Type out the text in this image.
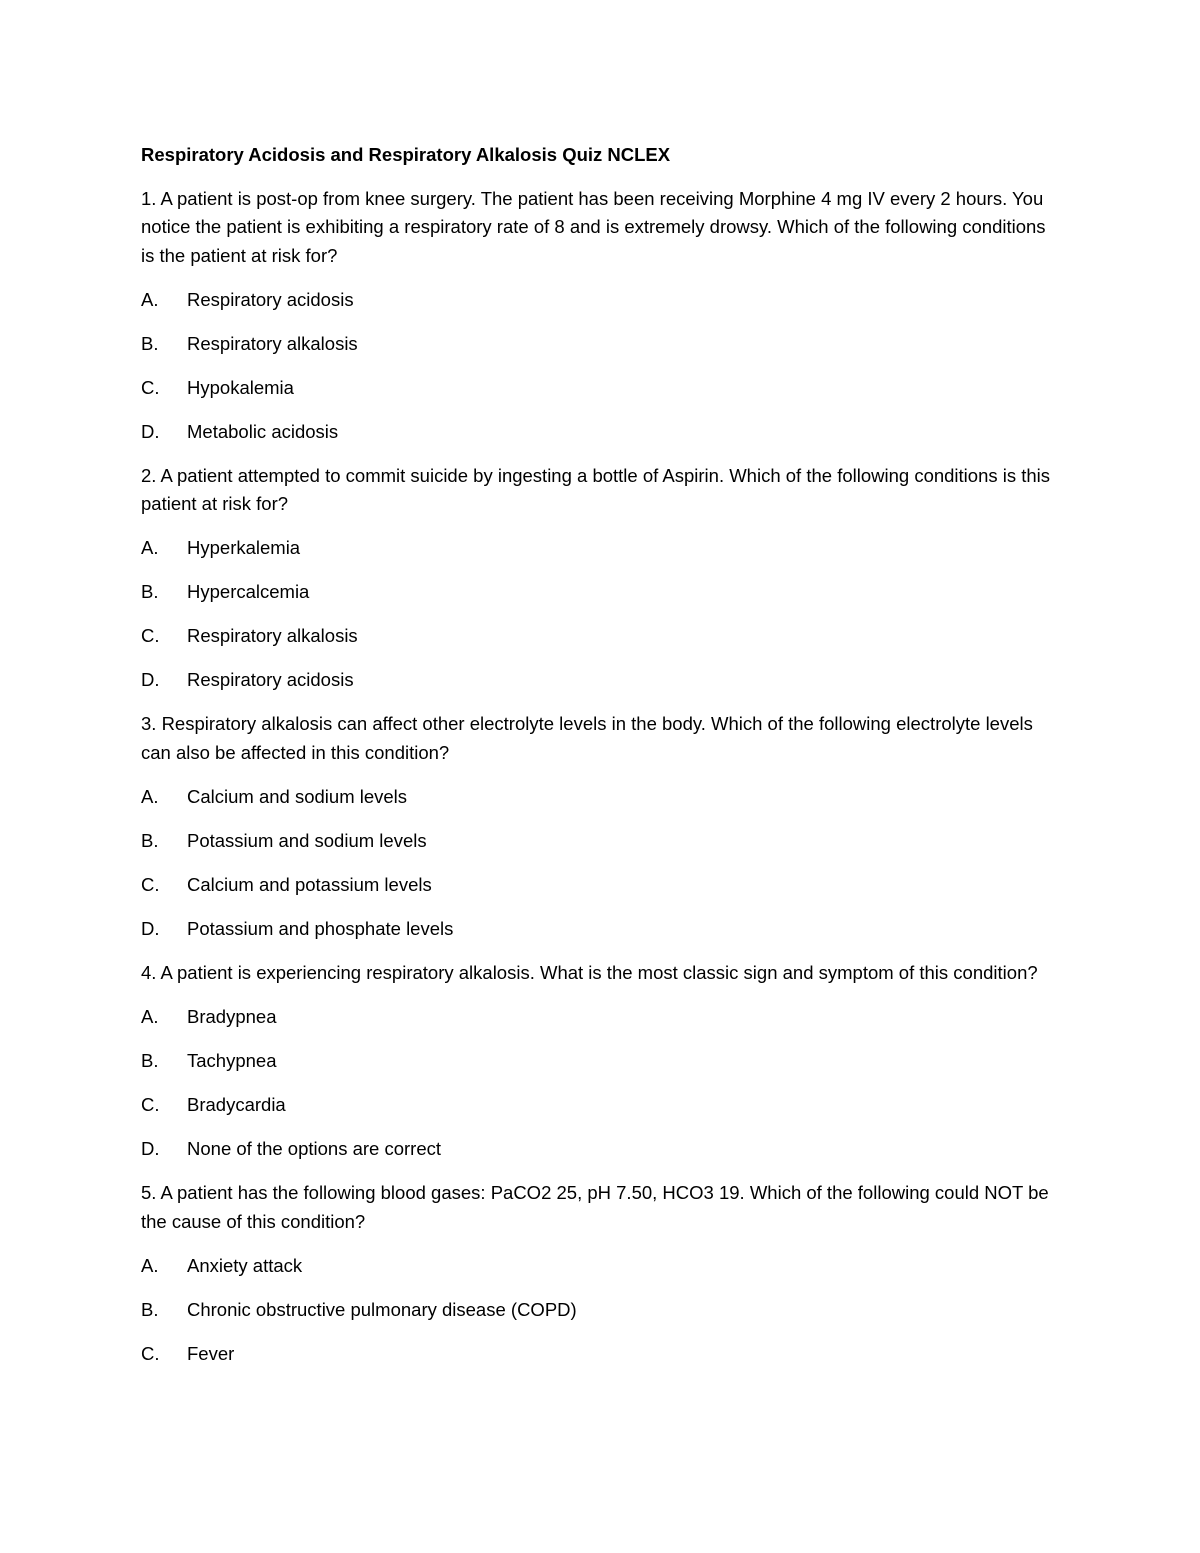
Respiratory Acidosis and Respiratory Alkalosis Quiz NCLEX
1. A patient is post-op from knee surgery. The patient has been receiving Morphine 4 mg IV every 2 hours. You notice the patient is exhibiting a respiratory rate of 8 and is extremely drowsy. Which of the following conditions is the patient at risk for?
A.	Respiratory acidosis
B.	Respiratory alkalosis
C.	Hypokalemia
D.	Metabolic acidosis
2. A patient attempted to commit suicide by ingesting a bottle of Aspirin. Which of the following conditions is this patient at risk for?
A.	Hyperkalemia
B.	Hypercalcemia
C.	Respiratory alkalosis
D.	Respiratory acidosis
3. Respiratory alkalosis can affect other electrolyte levels in the body. Which of the following electrolyte levels can also be affected in this condition?
A.	Calcium and sodium levels
B.	Potassium and sodium levels
C.	Calcium and potassium levels
D.	Potassium and phosphate levels
4. A patient is experiencing respiratory alkalosis. What is the most classic sign and symptom of this condition?
A.	Bradypnea
B.	Tachypnea
C.	Bradycardia
D.	None of the options are correct
5. A patient has the following blood gases: PaCO2 25, pH 7.50, HCO3 19. Which of the following could NOT be the cause of this condition?
A.	Anxiety attack
B.	Chronic obstructive pulmonary disease (COPD)
C.	Fever
